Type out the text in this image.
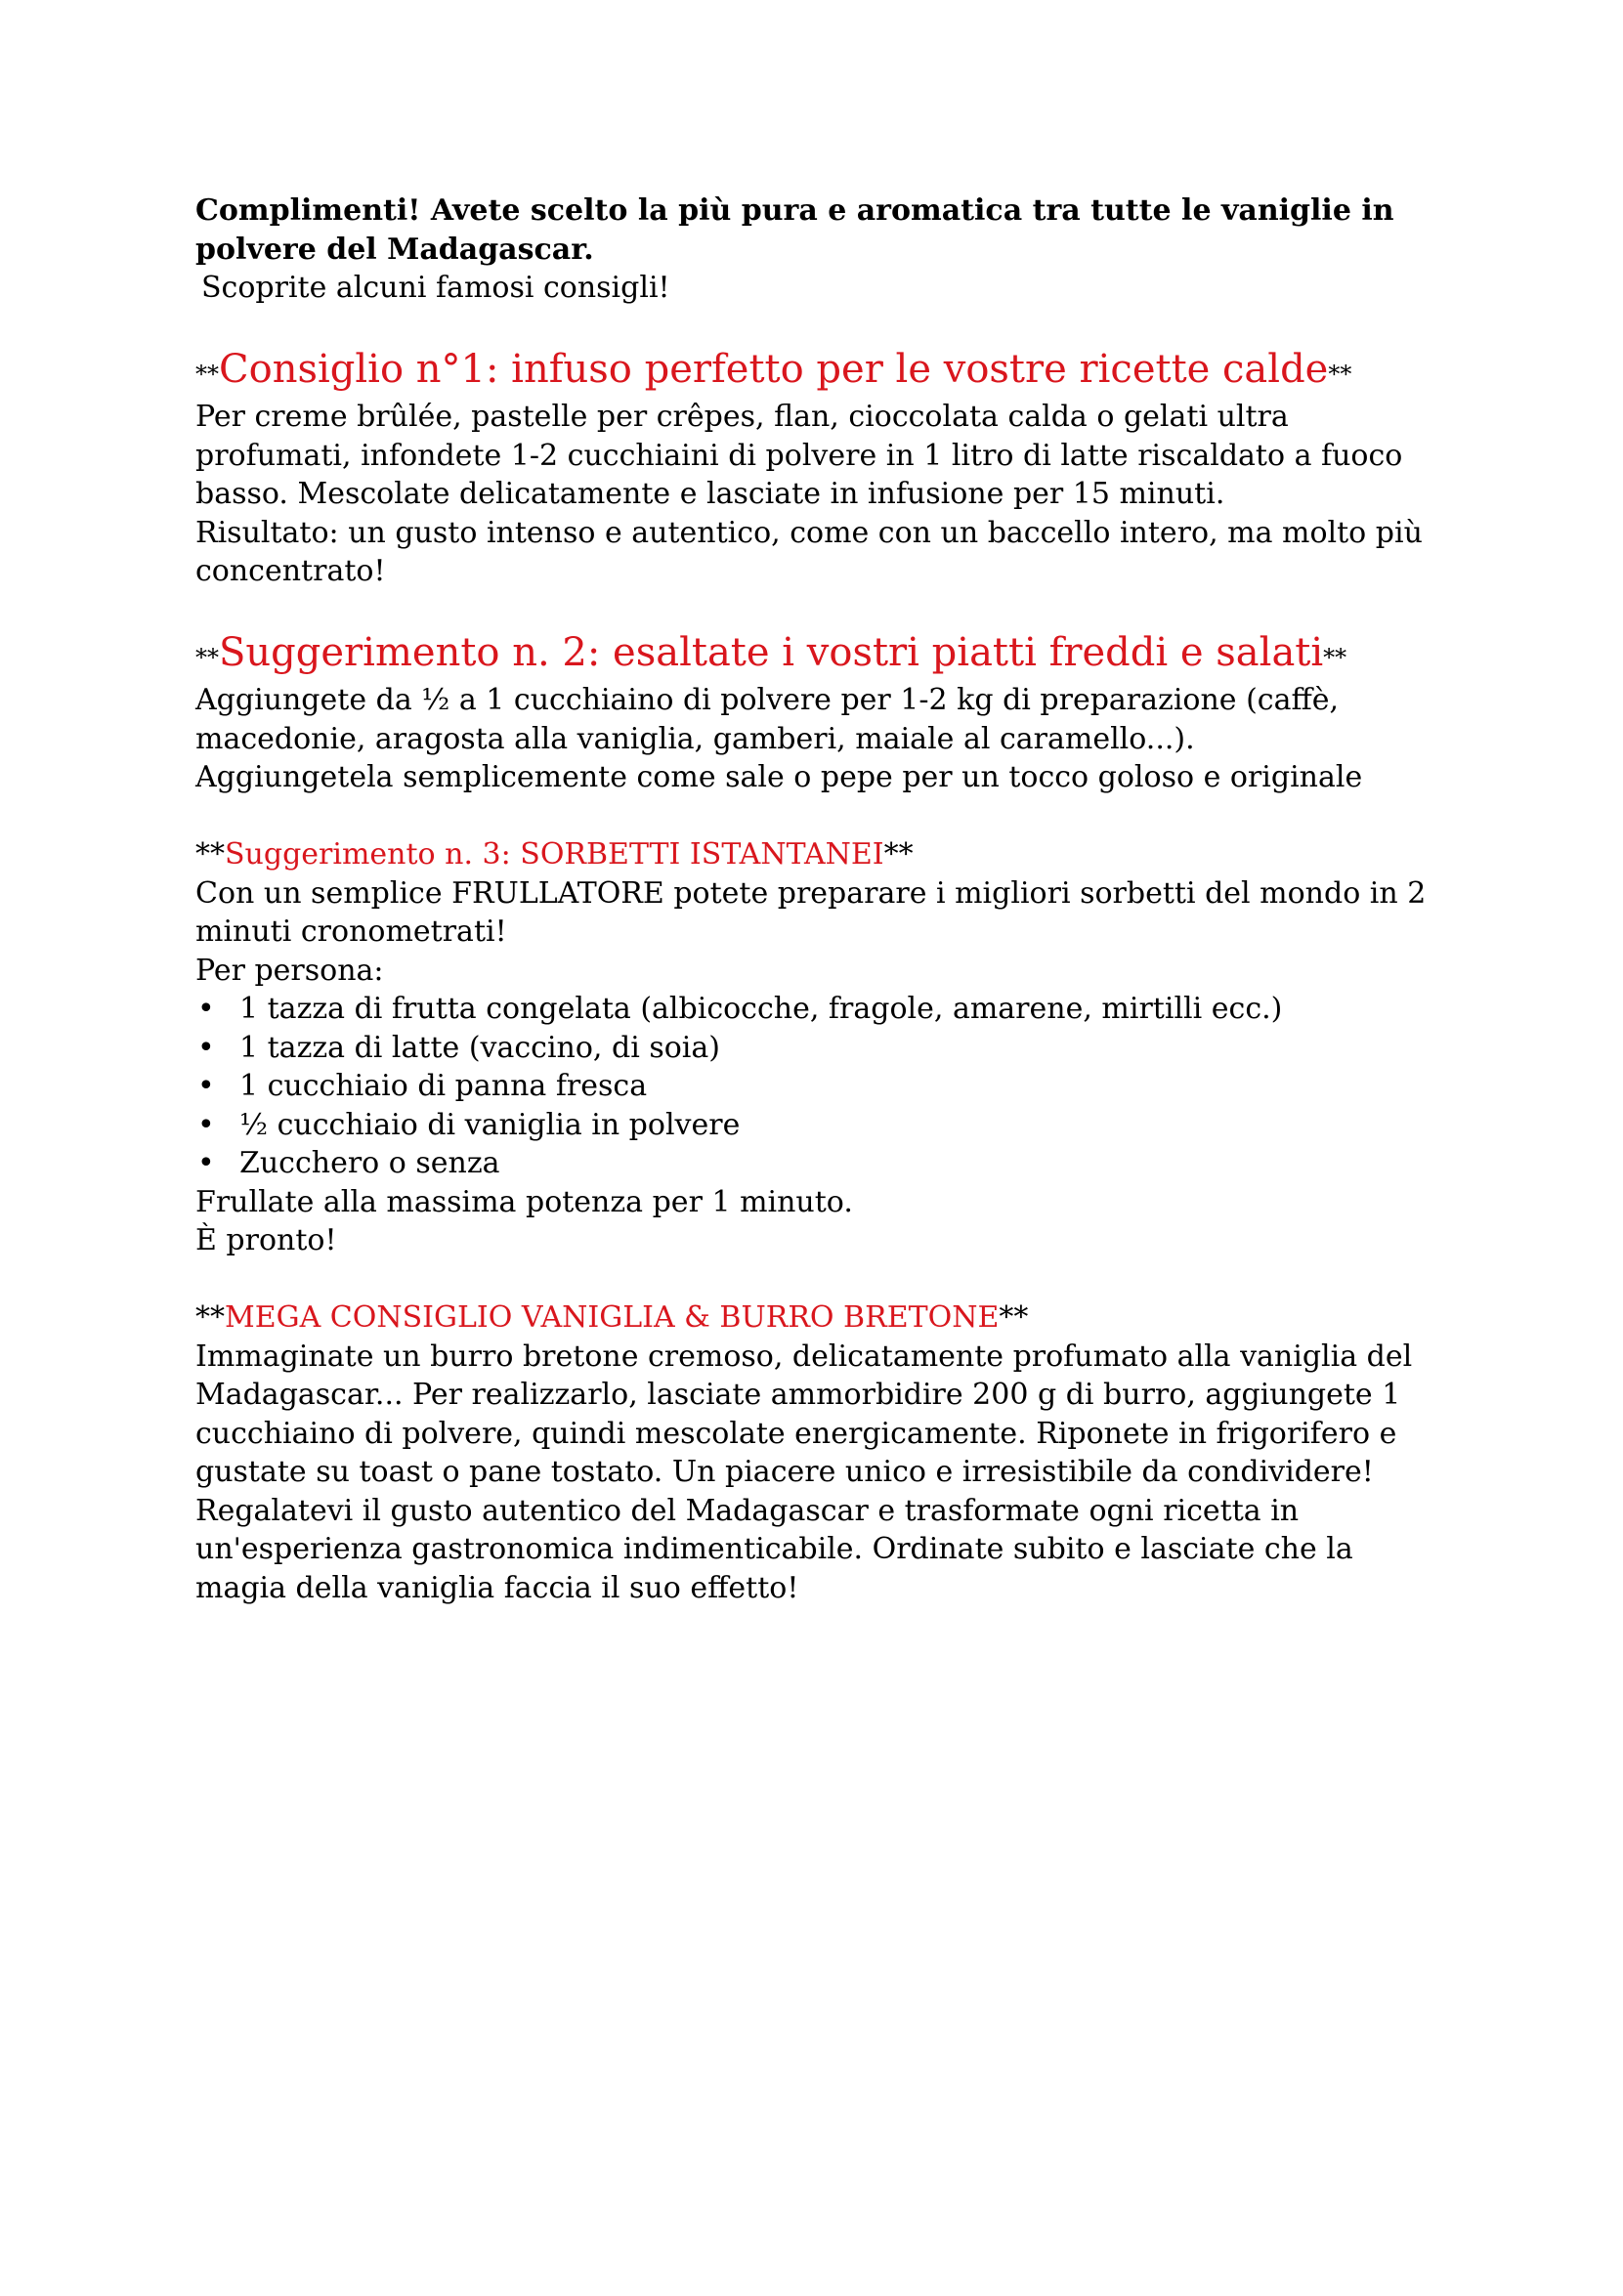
Complimenti! Avete scelto la più pura e aromatica tra tutte le vaniglie in polvere del Madagascar.

Scoprite alcuni famosi consigli!

**Consiglio n°1: infuso perfetto per le vostre ricette calde**

Per creme brûlée, pastelle per crêpes, flan, cioccolata calda o gelati ultra profumati, infondete 1-2 cucchiaini di polvere in 1 litro di latte riscaldato a fuoco basso. Mescolate delicatamente e lasciate in infusione per 15 minuti.

Risultato: un gusto intenso e autentico, come con un baccello intero, ma molto più concentrato!

**Suggerimento n. 2: esaltate i vostri piatti freddi e salati**

Aggiungete da ½ a 1 cucchiaino di polvere per 1-2 kg di preparazione (caffè, macedonie, aragosta alla vaniglia, gamberi, maiale al caramello...).

Aggiungetela semplicemente come sale o pepe per un tocco goloso e originale

**Suggerimento n. 3: SORBETTI ISTANTANEI**

Con un semplice FRULLATORE potete preparare i migliori sorbetti del mondo in 2 minuti cronometrati!

Per persona:

• 1 tazza di frutta congelata (albicocche, fragole, amarene, mirtilli ecc.)
• 1 tazza di latte (vaccino, di soia)
• 1 cucchiaio di panna fresca
• ½ cucchiaio di vaniglia in polvere
• Zucchero o senza

Frullate alla massima potenza per 1 minuto.

È pronto!

**MEGA CONSIGLIO VANIGLIA & BURRO BRETONE**

Immaginate un burro bretone cremoso, delicatamente profumato alla vaniglia del Madagascar... Per realizzarlo, lasciate ammorbidire 200 g di burro, aggiungete 1 cucchiaino di polvere, quindi mescolate energicamente. Riponete in frigorifero e gustate su toast o pane tostato. Un piacere unico e irresistibile da condividere!

Regalatevi il gusto autentico del Madagascar e trasformate ogni ricetta in un'esperienza gastronomica indimenticabile. Ordinate subito e lasciate che la magia della vaniglia faccia il suo effetto!
